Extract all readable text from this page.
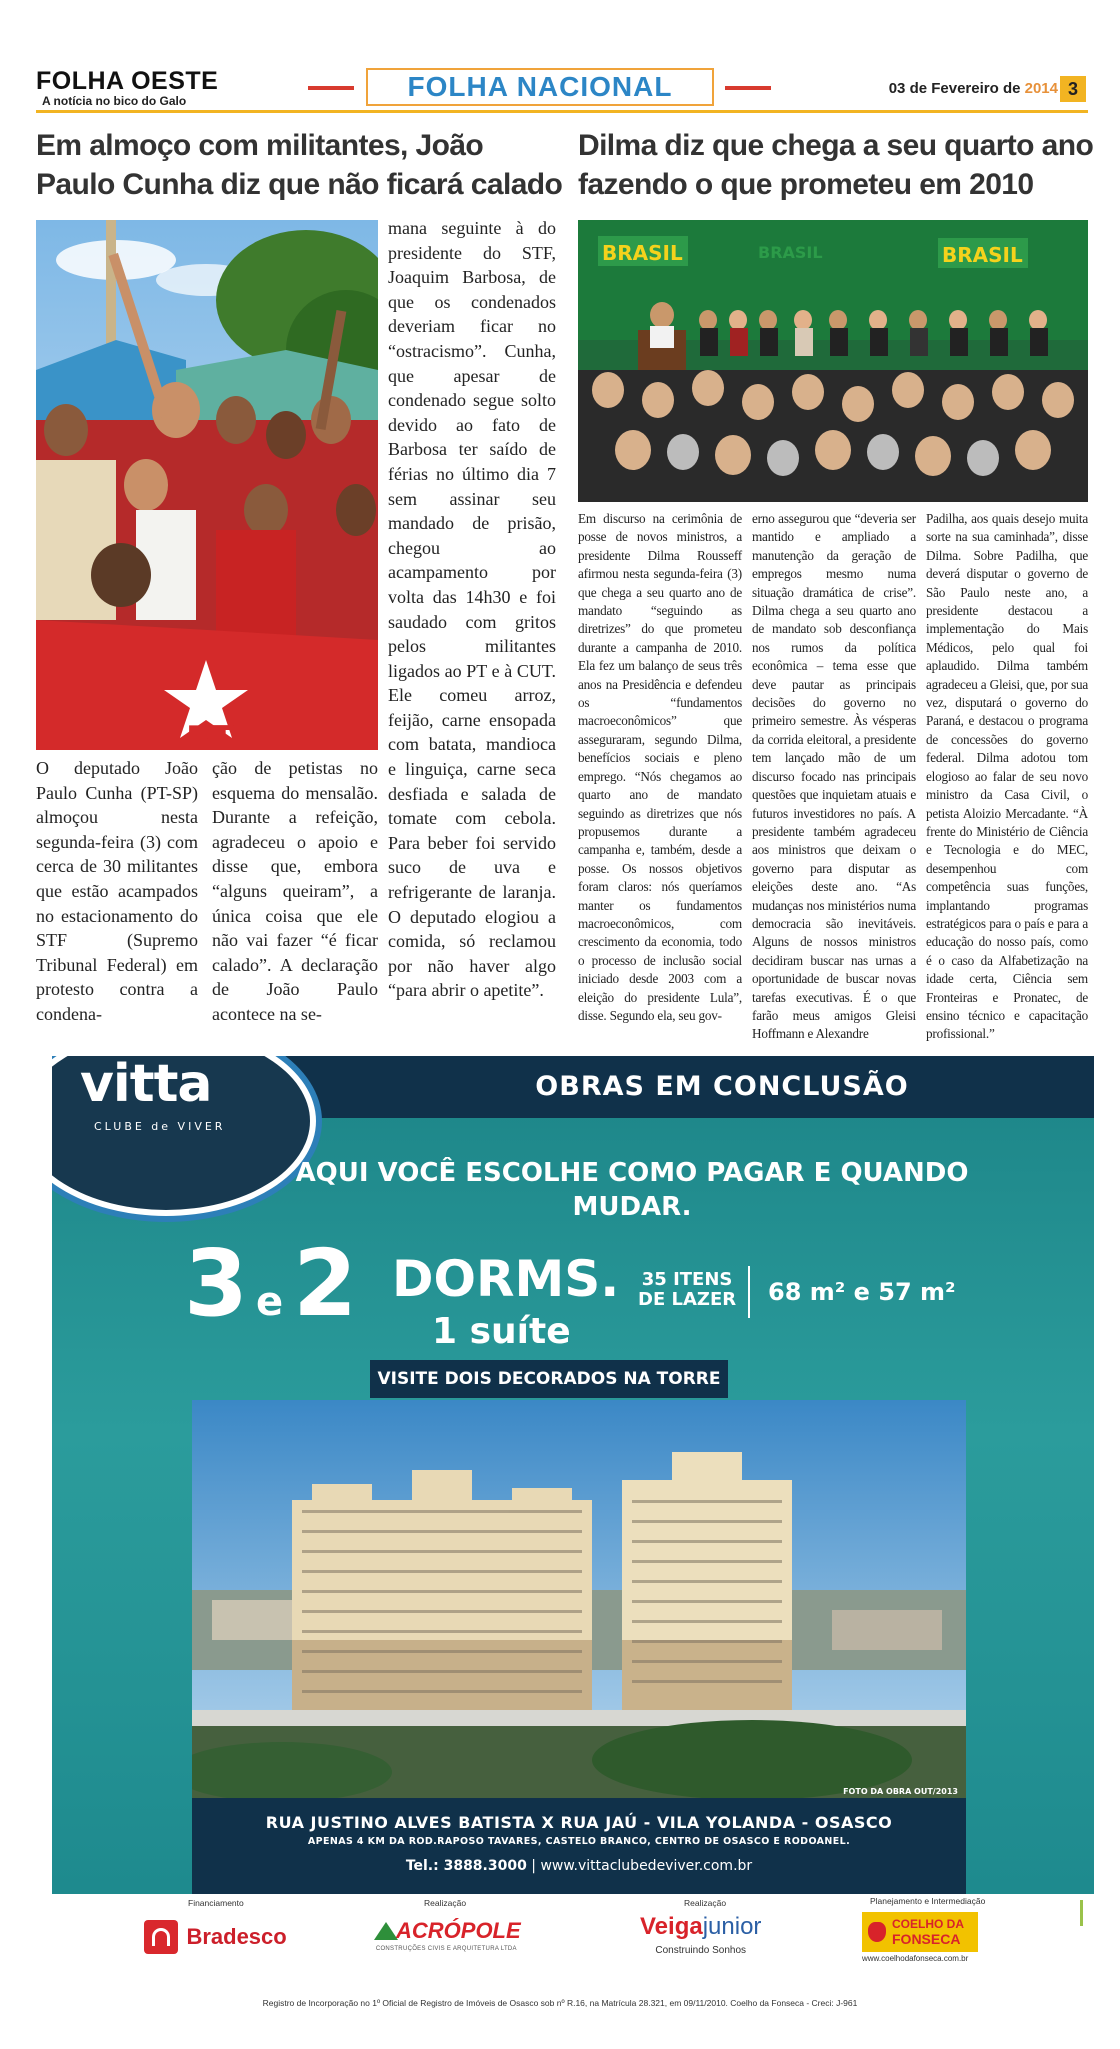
FOLHA OESTE
A notícia no bico do Galo	FOLHA NACIONAL	03 de Fevereiro de 2014 3
Em almoço com militantes, João Paulo Cunha diz que não ficará calado
PT
O deputado João Paulo Cunha (PT-SP) almoçou nesta segunda-feira (3) com cerca de 30 militantes que estão acampados no estacionamento do STF (Supremo Tribunal Federal) em protesto contra a condena-
ção de petistas no esquema do mensalão. Durante a refeição, agradeceu o apoio e disse que, embora “alguns queiram”, a única coisa que ele não vai fazer “é ficar calado”. A declaração de João Paulo acontece na se-
mana seguinte à do presidente do STF, Joaquim Barbosa, de que os condenados deveriam ficar no “ostracismo”. Cunha, que apesar de condenado segue solto devido ao fato de Barbosa ter saído de férias no último dia 7 sem assinar seu mandado de prisão, chegou ao acampamento por volta das 14h30 e foi saudado com gritos pelos militantes ligados ao PT e à CUT. Ele comeu arroz, feijão, carne ensopada com batata, mandioca e linguiça, carne seca desfiada e salada de tomate com cebola. Para beber foi servido suco de uva e refrigerante de laranja. O deputado elogiou a comida, só reclamou por não haver algo “para abrir o apetite”.
Dilma diz que chega a seu quarto ano fazendo o que prometeu em 2010
BRASIL	BRASIL	BRASIL
Em discurso na cerimônia de posse de novos ministros, a presidente Dilma Rousseff afirmou nesta segunda-feira (3) que chega a seu quarto ano de mandato “seguindo as diretrizes” do que prometeu durante a campanha de 2010. Ela fez um balanço de seus três anos na Presidência e defendeu os “fundamentos macroeconômicos” que asseguraram, segundo Dilma, benefícios sociais e pleno emprego. “Nós chegamos ao quarto ano de mandato seguindo as diretrizes que nós propusemos durante a campanha e, também, desde a posse. Os nossos objetivos foram claros: nós queríamos manter os fundamentos macroeconômicos, com crescimento da economia, todo o processo de inclusão social iniciado desde 2003 com a eleição do presidente Lula”, disse. Segundo ela, seu gov-
erno assegurou que “deveria ser mantido e ampliado a manutenção da geração de empregos mesmo numa situação dramática de crise”. Dilma chega a seu quarto ano de mandato sob desconfiança nos rumos da política econômica – tema esse que deve pautar as principais decisões do governo no primeiro semestre. Às vésperas da corrida eleitoral, a presidente tem lançado mão de um discurso focado nas principais questões que inquietam atuais e futuros investidores no país. A presidente também agradeceu aos ministros que deixam o governo para disputar as eleições deste ano. “As mudanças nos ministérios numa democracia são inevitáveis. Alguns de nossos ministros decidiram buscar nas urnas a oportunidade de buscar novas tarefas executivas. É o que farão meus amigos Gleisi Hoffmann e Alexandre
Padilha, aos quais desejo muita sorte na sua caminhada”, disse Dilma. Sobre Padilha, que deverá disputar o governo de São Paulo neste ano, a presidente destacou a implementação do Mais Médicos, pelo qual foi aplaudido. Dilma também agradeceu a Gleisi, que, por sua vez, disputará o governo do Paraná, e destacou o programa de concessões do governo federal. Dilma adotou tom elogioso ao falar de seu novo ministro da Casa Civil, o petista Aloizio Mercadante. “À frente do Ministério de Ciência e Tecnologia e do MEC, desempenhou com competência suas funções, implantando programas estratégicos para o país e para a educação do nosso país, como é o caso da Alfabetização na idade certa, Ciência sem Fronteiras e Pronatec, de ensino técnico e capacitação profissional.”
OBRAS EM CONCLUSÃO
vitta
CLUBE de VIVER
AQUI VOCÊ ESCOLHE COMO PAGAR E QUANDO MUDAR.
3 e 2 DORMS.
1 suíte
35 ITENS
DE LAZER 68 m² e 57 m²
VISITE DOIS DECORADOS NA TORRE
FOTO DA OBRA OUT/2013
RUA JUSTINO ALVES BATISTA X RUA JAÚ - VILA YOLANDA - OSASCO
APENAS 4 KM DA ROD.RAPOSO TAVARES, CASTELO BRANCO, CENTRO DE OSASCO E RODOANEL.
Tel.: 3888.3000 | www.vittaclubedeviver.com.br
Financiamento	Realização	Realização	Planejamento e Intermediação
Bradesco	ACRÓPOLE
CONSTRUÇÕES CIVIS E ARQUITETURA LTDA
Veigajunior
Construindo Sonhos
COELHO DA
FONSECA
www.coelhodafonseca.com.br
Registro de Incorporação no 1º Oficial de Registro de Imóveis de Osasco sob nº R.16, na Matrícula 28.321, em 09/11/2010. Coelho da Fonseca - Creci: J-961
